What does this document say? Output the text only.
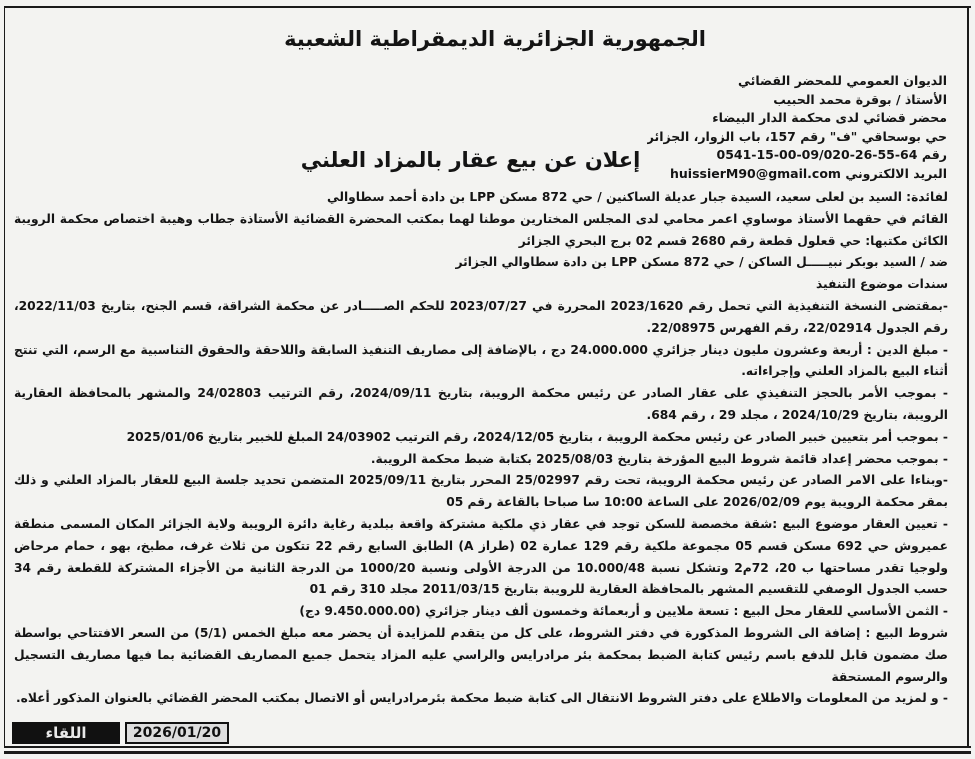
الجمهورية الجزائرية الديمقراطية الشعبية
الديوان العمومي للمحضر القضائي
الأستاذ / بوقرة محمد الحبيب
محضر قضائي لدى محكمة الدار البيضاء
حي بوسحاقي "ف" رقم 157، باب الزوار، الجزائر
رقم 0541-15-00-09/020-26-55-64
البريد الالكتروني huissierM90@gmail.com
إعلان عن بيع عقار بالمزاد العلني

لفائدة: السيد بن لعلى سعيد، السيدة جبار عديلة الساكنين / حي 872 مسكن LPP بن دادة أحمد سطاوالي

القائم في حقهما الأستاذ موساوي اعمر محامي لدى المجلس المختارين موطنا لهما بمكتب المحضرة القضائية الأستاذة جطاب وهيبة اختصاص محكمة الرويبة الكائن مكتبها: حي قعلول قطعة رقم 2680 قسم 02 برج البحري الجزائر

ضد / السيد بوبكر نبيـــــل الساكن / حي 872 مسكن LPP بن دادة سطاوالي الجزائر

سندات موضوع التنفيذ

-بمقتضى النسخة التنفيذية التي تحمل رقم 2023/1620 المحررة في 2023/07/27 للحكم الصـــــادر عن محكمة الشراقة، قسم الجنح، بتاريخ 2022/11/03، رقم الجدول 22/02914، رقم الفهرس 22/08975.

- مبلغ الدين : أربعة وعشرون مليون دينار جزائري 24.000.000 دج ، بالإضافة إلى مصاريف التنفيذ السابقة واللاحقة والحقوق التناسبية مع الرسم، التي تنتج أثناء البيع بالمزاد العلني وإجراءاته.

- بموجب الأمر بالحجز التنفيذي على عقار الصادر عن رئيس محكمة الرويبة، بتاريخ 2024/09/11، رقم الترتيب 24/02803 والمشهر بالمحافظة العقارية الرويبة، بتاريخ 2024/10/29 ، مجلد 29 ، رقم 684.

- بموجب أمر بتعيين خبير الصادر عن رئيس محكمة الرويبة ، بتاريخ 2024/12/05، رقم الترتيب 24/03902 المبلغ للخبير بتاريخ 2025/01/06

- بموجب محضر إعداد قائمة شروط البيع المؤرخة بتاريخ 2025/08/03 بكتابة ضبط محكمة الرويبة.

-وبناءا على الامر الصادر عن رئيس محكمة الرويبة، تحت رقم 25/02997 المحرر بتاريخ 2025/09/11 المتضمن تحديد جلسة البيع للعقار بالمزاد العلني و ذلك بمقر محكمة الرويبة يوم 2026/02/09 على الساعة 10:00 سا صباحا بالقاعة رقم 05

- تعيين العقار موضوع البيع :شقة مخصصة للسكن توجد في عقار ذي ملكية مشتركة واقعة ببلدية رغاية دائرة الرويبة ولاية الجزائر المكان المسمى منطقة عميروش حي 692 مسكن قسم 05 مجموعة ملكية رقم 129 عمارة 02 (طراز A) الطابق السابع رقم 22 تتكون من ثلاث غرف، مطبخ، بهو ، حمام مرحاض ولوجيا تقدر مساحتها ب 20، 72م2 وتشكل نسبة 10.000/48 من الدرجة الأولى ونسبة 1000/20 من الدرجة الثانية من الأجزاء المشتركة للقطعة رقم 34 حسب الجدول الوصفي للتقسيم المشهر بالمحافظة العقارية للرويبة بتاريخ 2011/03/15 مجلد 310 رقم 01

- الثمن الأساسي للعقار محل البيع : تسعة ملايين و أربعمائة وخمسون ألف دينار جزائري (9.450.000.00 دج)

شروط البيع : إضافة الى الشروط المذكورة في دفتر الشروط، على كل من يتقدم للمزايدة أن يحضر معه مبلغ الخمس (5/1) من السعر الافتتاحي بواسطة صك مضمون قابل للدفع باسم رئيس كتابة الضبط بمحكمة بئر مرادرايس والراسي عليه المزاد يتحمل جميع المصاريف القضائية بما فيها مصاريف التسجيل والرسوم المستحقة

- و لمزيد من المعلومات والاطلاع على دفتر الشروط الانتقال الى كتابة ضبط محكمة بئرمرادرايس أو الاتصال بمكتب المحضر القضائي بالعنوان المذكور أعلاه.

اللقاء	2026/01/20
